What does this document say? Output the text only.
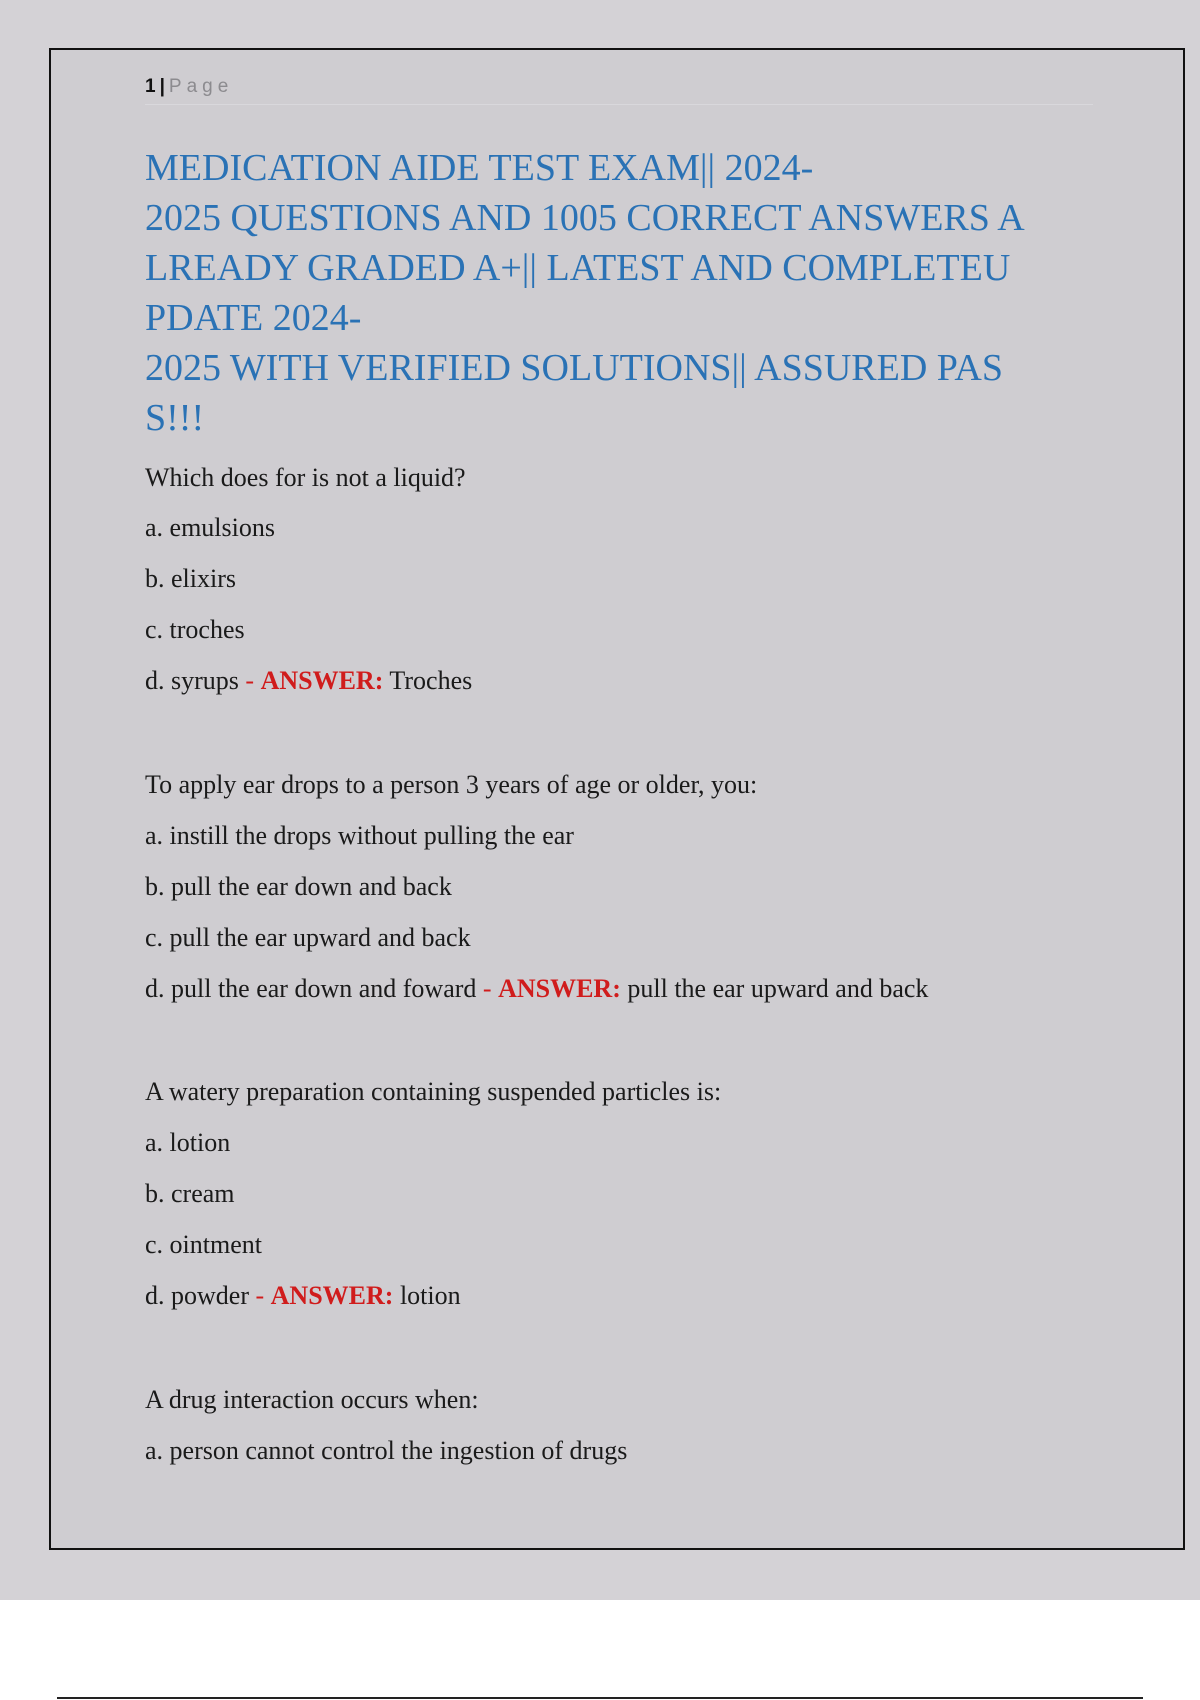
1 | Page
MEDICATION AIDE TEST EXAM|| 2024-
2025 QUESTIONS AND 1005 CORRECT ANSWERS A
LREADY GRADED A+|| LATEST AND COMPLETEU
PDATE 2024-
2025 WITH VERIFIED SOLUTIONS|| ASSURED PAS
S!!!
Which does for is not a liquid?
a. emulsions
b. elixirs
c. troches
d. syrups - ANSWER: Troches
To apply ear drops to a person 3 years of age or older, you:
a. instill the drops without pulling the ear
b. pull the ear down and back
c. pull the ear upward and back
d. pull the ear down and foward - ANSWER: pull the ear upward and back
A watery preparation containing suspended particles is:
a. lotion
b. cream
c. ointment
d. powder - ANSWER: lotion
A drug interaction occurs when:
a. person cannot control the ingestion of drugs
